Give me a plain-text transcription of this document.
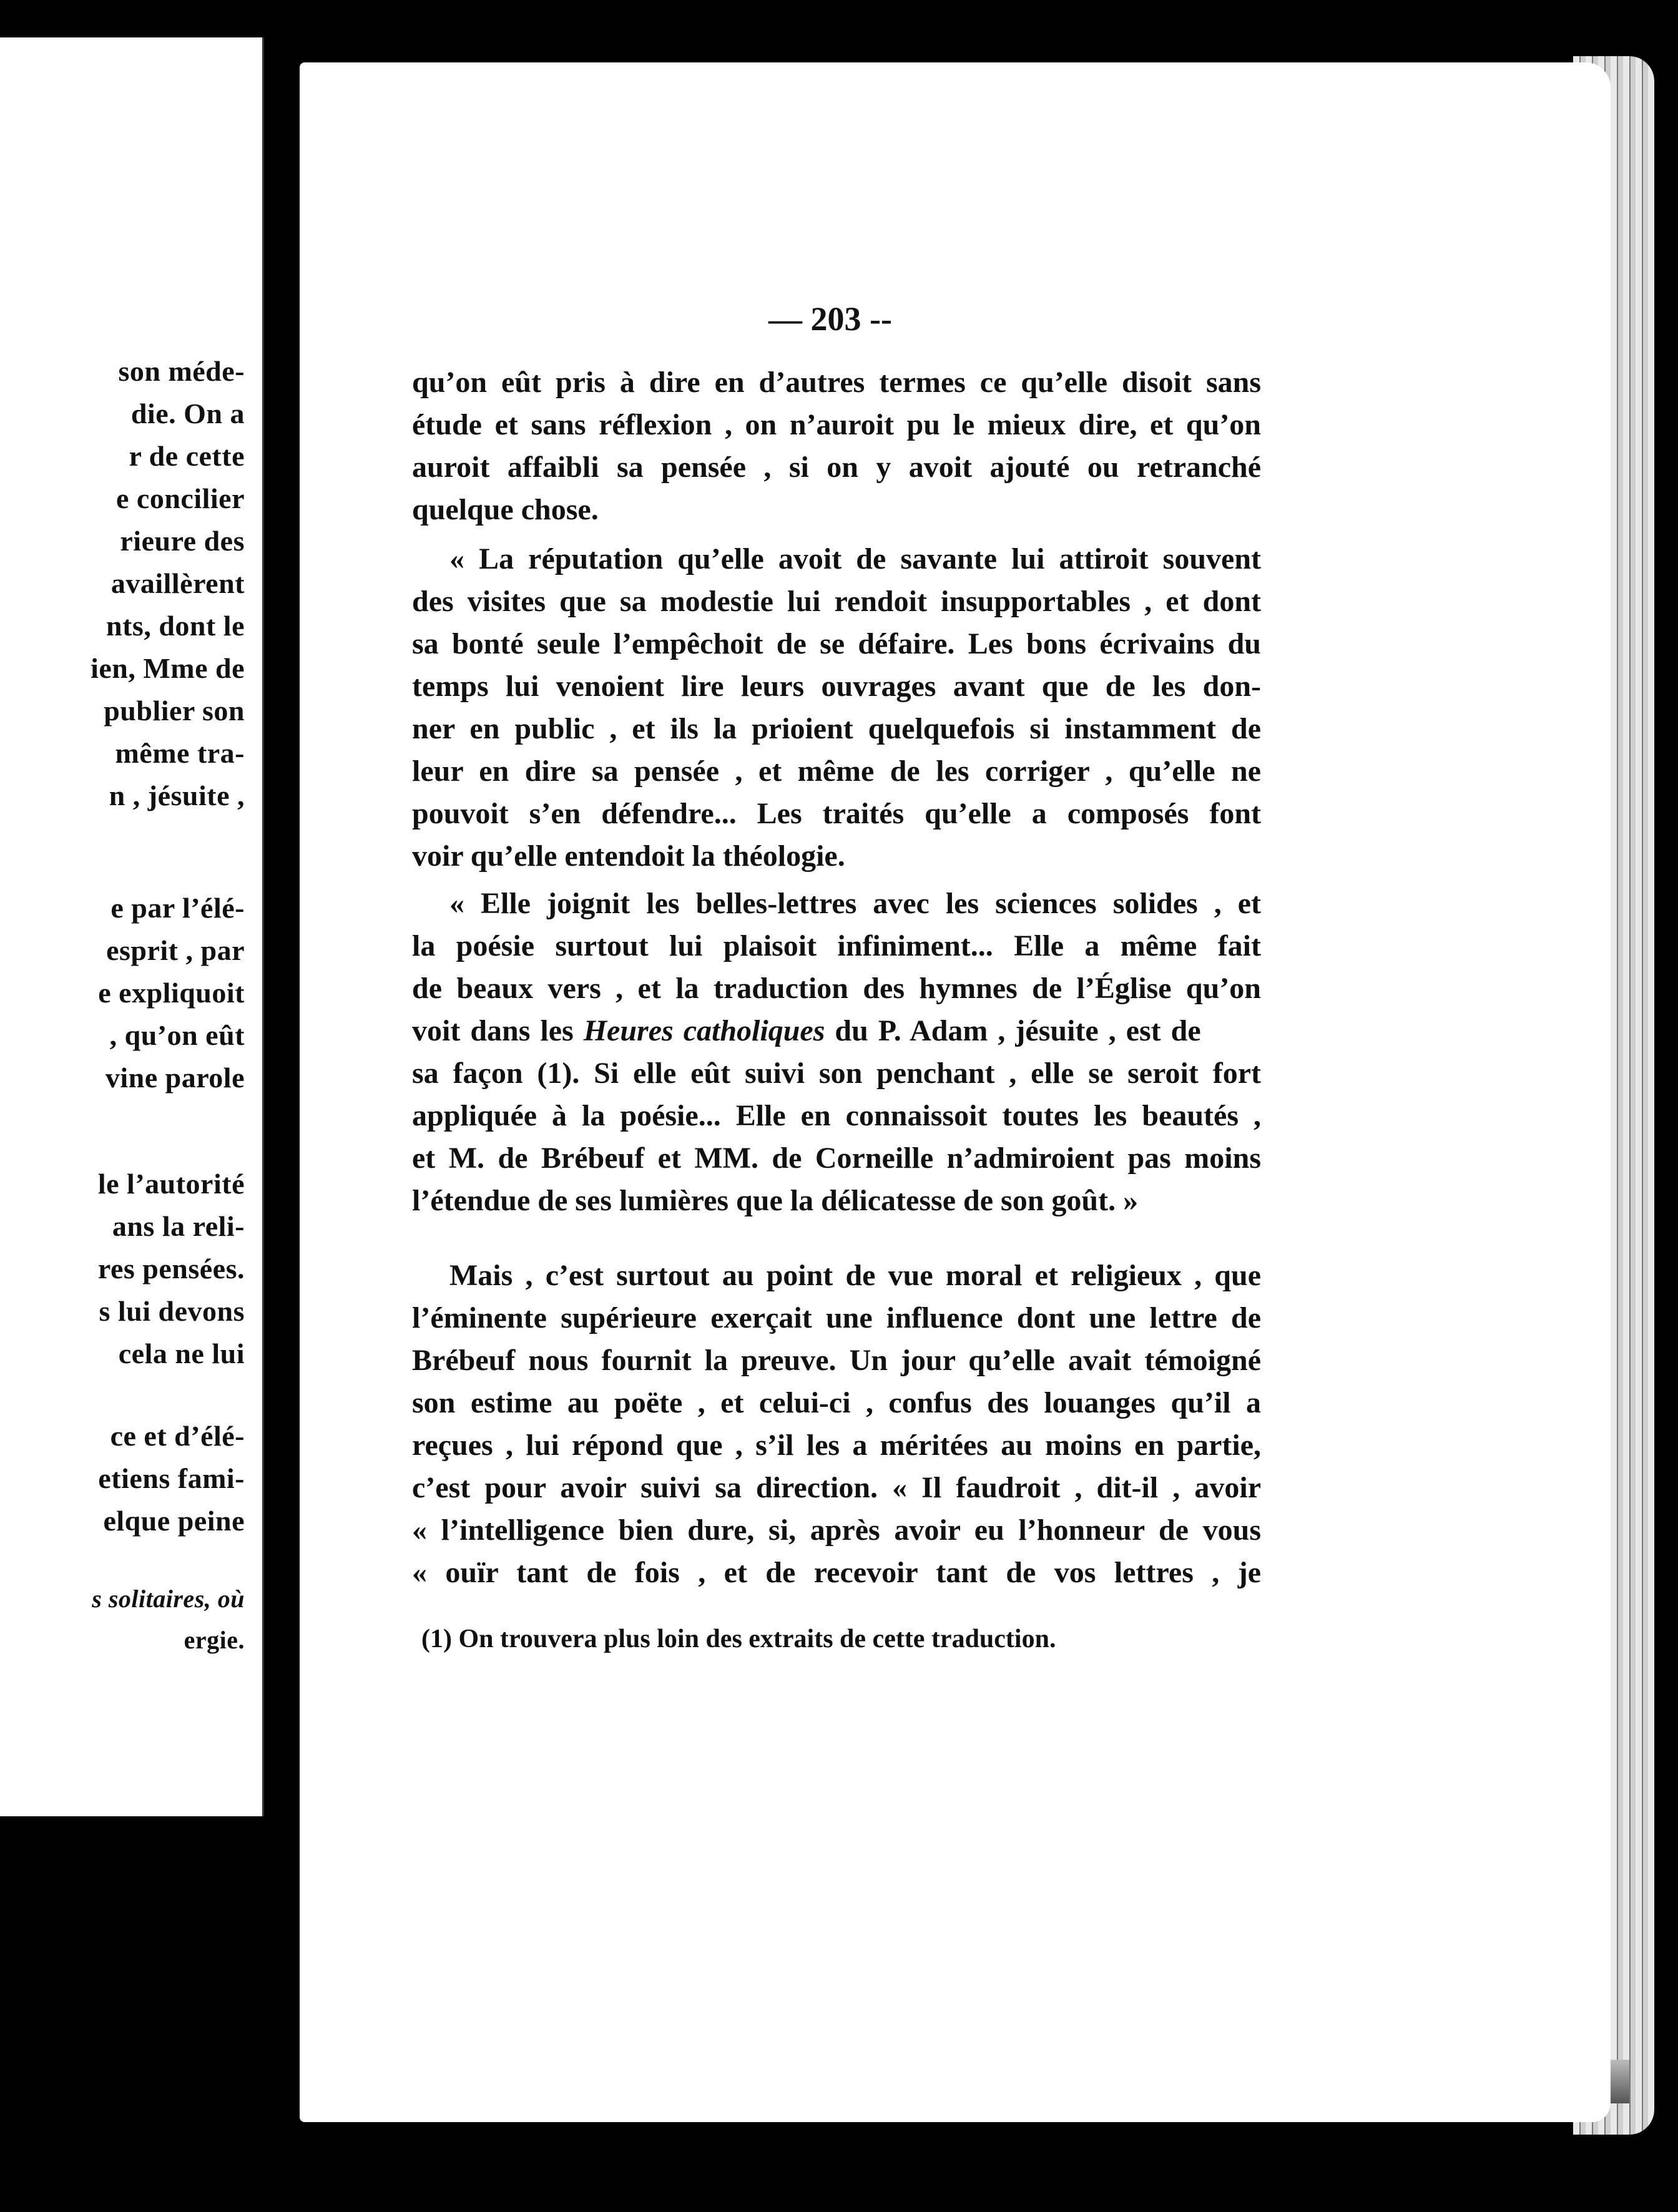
son méde-
die. On a
r de cette
e concilier
rieure des
availlèrent
nts, dont le
ien, Mme de
publier son
même tra-
n , jésuite ,
e par l’élé-
esprit , par
e expliquoit
, qu’on eût
vine parole
le l’autorité
ans la reli-
res pensées.
s lui devons
cela ne lui
ce et d’élé-
etiens fami-
elque peine
s solitaires, où
ergie.
— 203 --
qu’on eût pris à dire en d’autres termes ce qu’elle disoit sans
étude et sans réflexion , on n’auroit pu le mieux dire, et qu’on
auroit affaibli sa pensée , si on y avoit ajouté ou retranché
quelque chose.
« La réputation qu’elle avoit de savante lui attiroit souvent
des visites que sa modestie lui rendoit insupportables , et dont
sa bonté seule l’empêchoit de se défaire. Les bons écrivains du
temps lui venoient lire leurs ouvrages avant que de les don-
ner en public , et ils la prioient quelquefois si instamment de
leur en dire sa pensée , et même de les corriger , qu’elle ne
pouvoit s’en défendre... Les traités qu’elle a composés font
voir qu’elle entendoit la théologie.
« Elle joignit les belles-lettres avec les sciences solides , et
la poésie surtout lui plaisoit infiniment... Elle a même fait
de beaux vers , et la traduction des hymnes de l’Église qu’on
voit dans les Heures catholiques du P. Adam , jésuite , est de
sa façon (1). Si elle eût suivi son penchant , elle se seroit fort
appliquée à la poésie... Elle en connaissoit toutes les beautés ,
et M. de Brébeuf et MM. de Corneille n’admiroient pas moins
l’étendue de ses lumières que la délicatesse de son goût. »
Mais , c’est surtout au point de vue moral et religieux , que
l’éminente supérieure exerçait une influence dont une lettre de
Brébeuf nous fournit la preuve. Un jour qu’elle avait témoigné
son estime au poëte , et celui-ci , confus des louanges qu’il a
reçues , lui répond que , s’il les a méritées au moins en partie,
c’est pour avoir suivi sa direction. « Il faudroit , dit-il , avoir
« l’intelligence bien dure, si, après avoir eu l’honneur de vous
« ouïr tant de fois , et de recevoir tant de vos lettres , je
(1) On trouvera plus loin des extraits de cette traduction.
